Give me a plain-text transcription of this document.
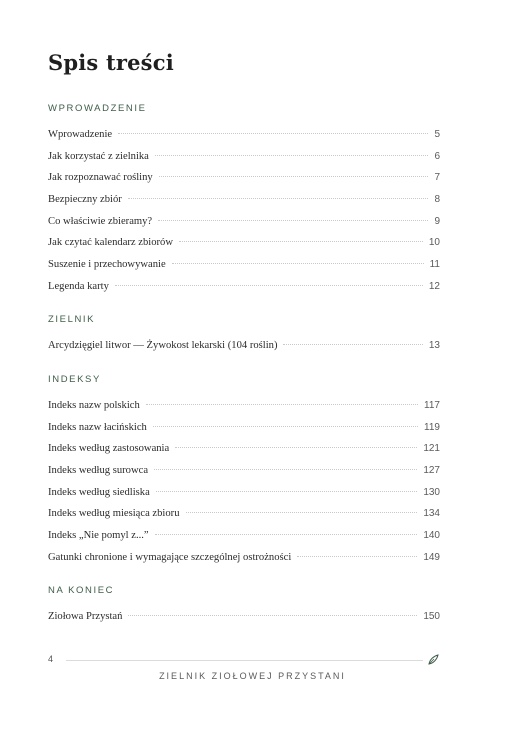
Spis treści
WPROWADZENIE
Wprowadzenie	5
Jak korzystać z zielnika	6
Jak rozpoznawać rośliny	7
Bezpieczny zbiór	8
Co właściwie zbieramy?	9
Jak czytać kalendarz zbiorów	10
Suszenie i przechowywanie	11
Legenda karty	12
ZIELNIK
Arcydzięgiel litwor — Żywokost lekarski (104 roślin)	13
INDEKSY
Indeks nazw polskich	117
Indeks nazw łacińskich	119
Indeks według zastosowania	121
Indeks według surowca	127
Indeks według siedliska	130
Indeks według miesiąca zbioru	134
Indeks „Nie pomyl z...”	140
Gatunki chronione i wymagające szczególnej ostrożności	149
NA KONIEC
Ziołowa Przystań	150
4
ZIELNIK ZIOŁOWEJ PRZYSTANI
